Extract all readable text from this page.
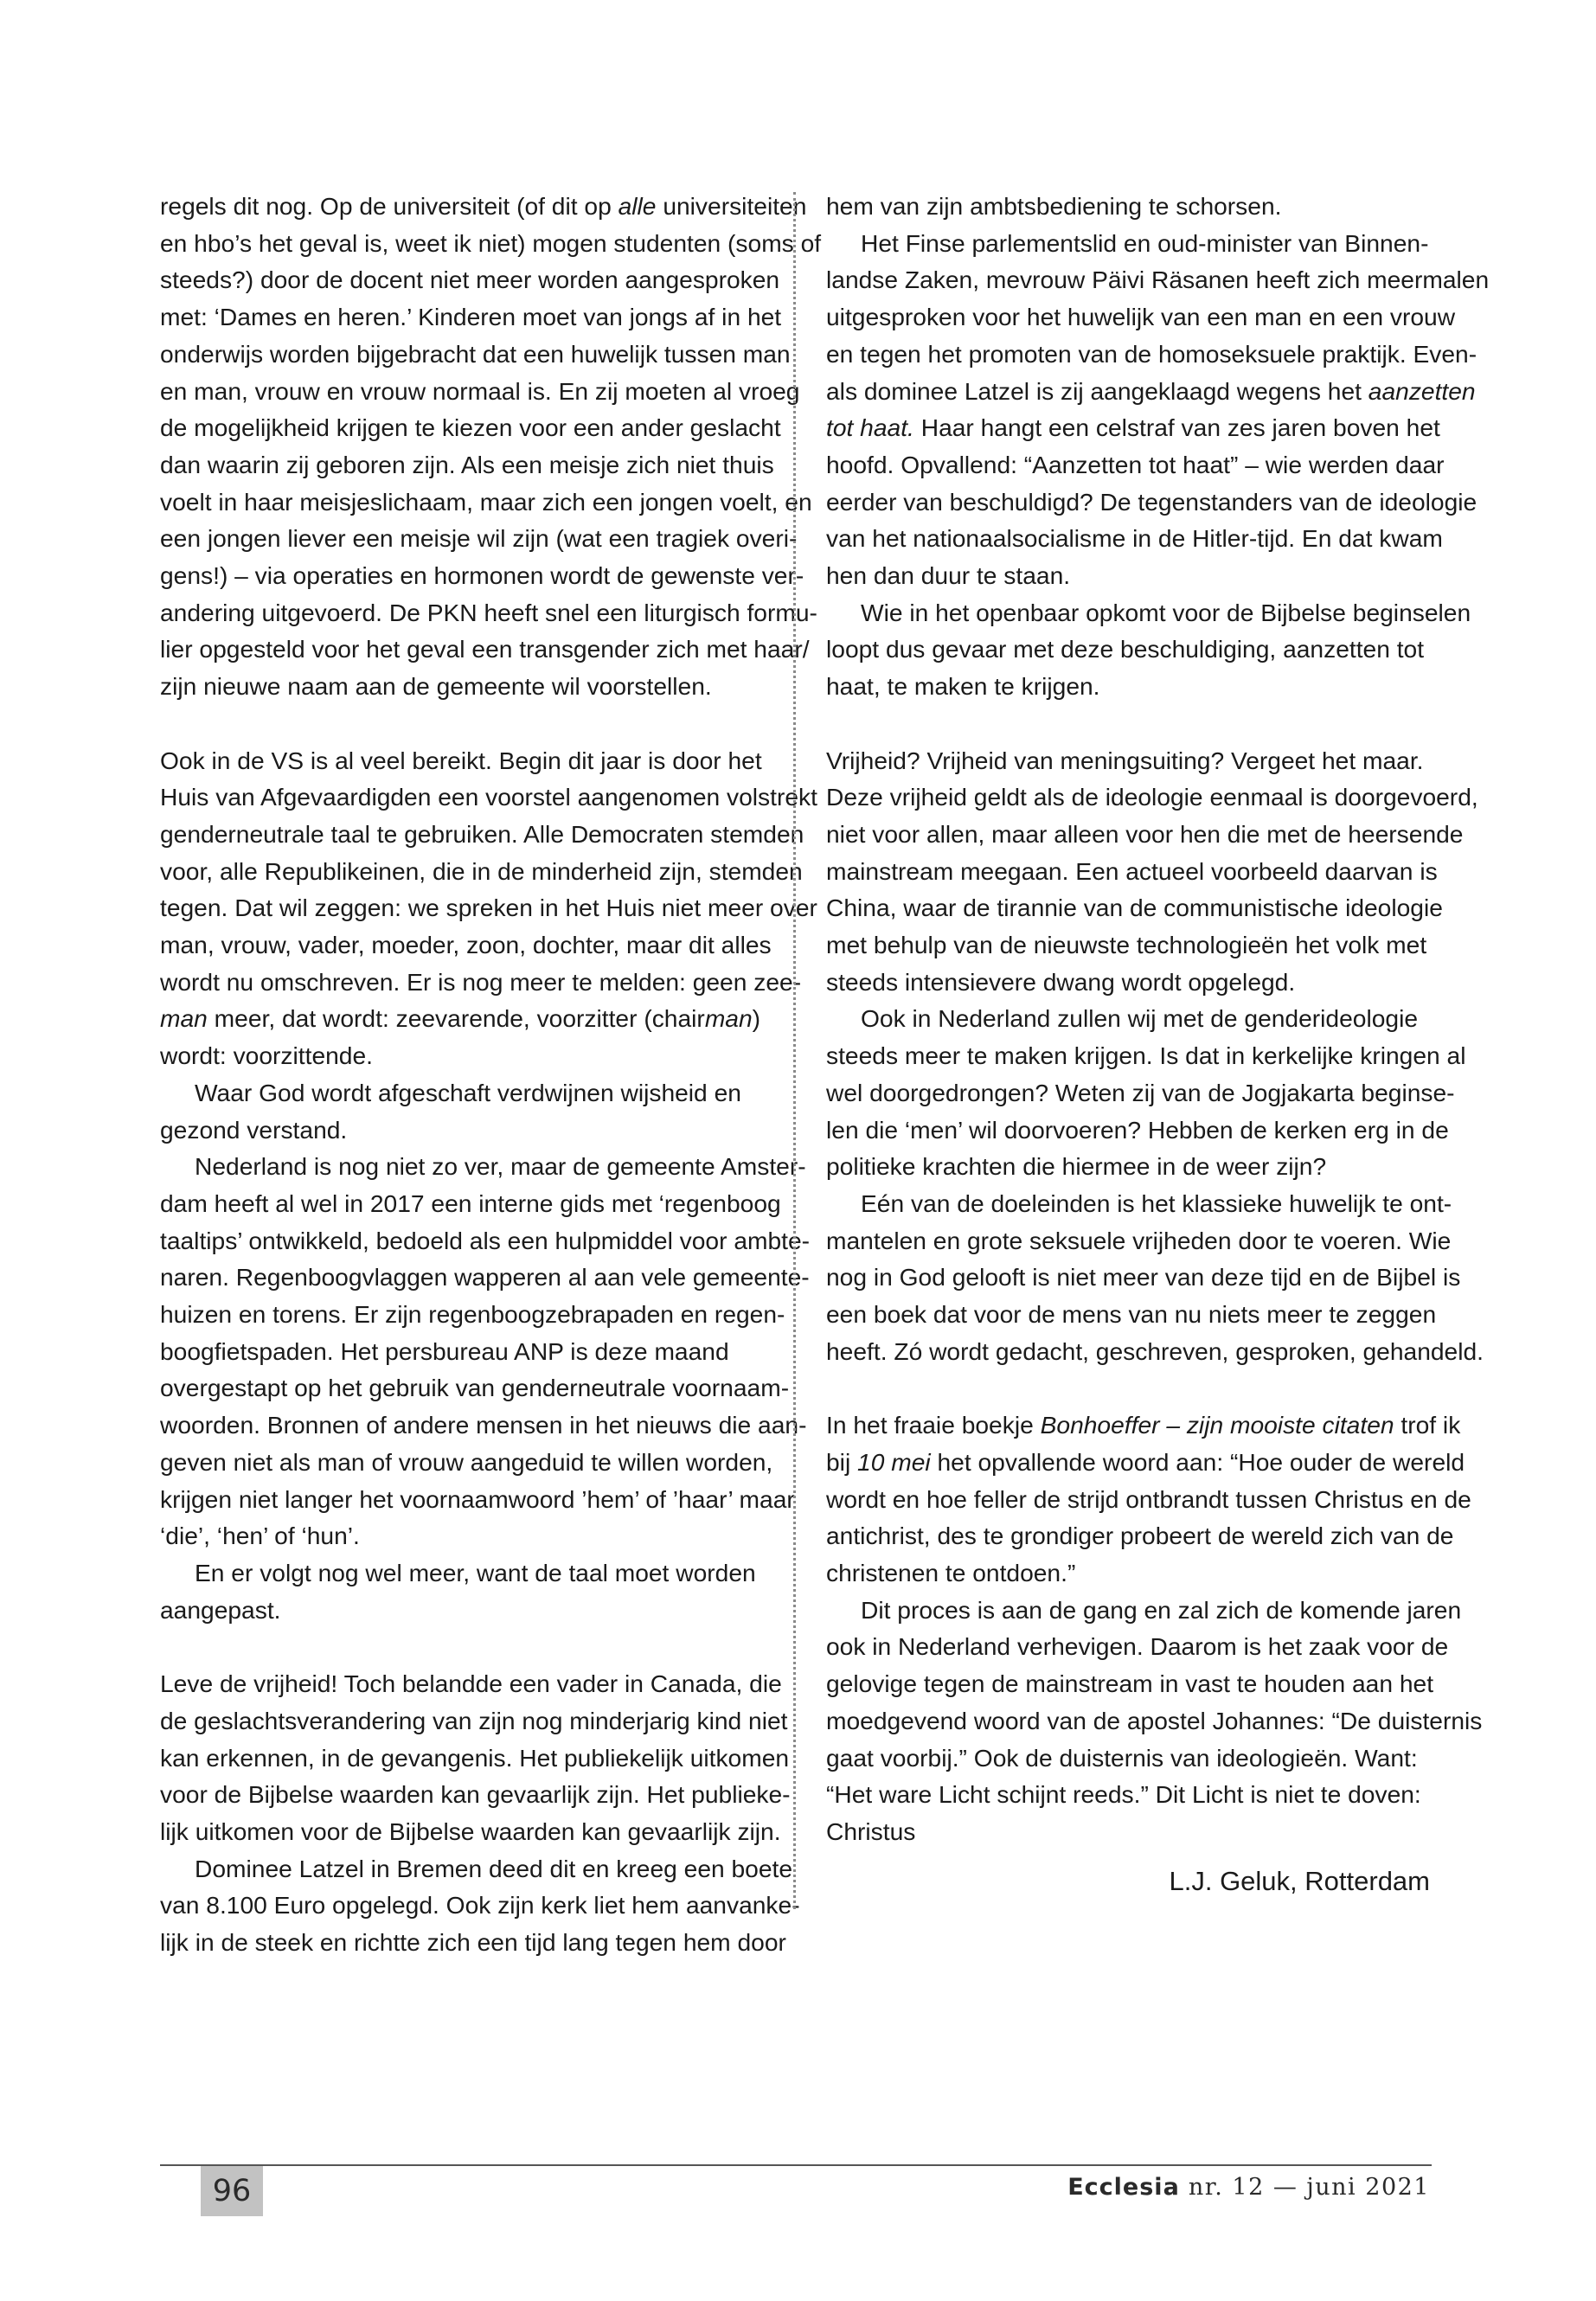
regels dit nog. Op de universiteit (of dit op alle universiteiten
en hbo’s het geval is, weet ik niet) mogen studenten (soms of
steeds?) door de docent niet meer worden aangesproken
met: ‘Dames en heren.’ Kinderen moet van jongs af in het
onderwijs worden bijgebracht dat een huwelijk tussen man
en man, vrouw en vrouw normaal is. En zij moeten al vroeg
de mogelijkheid krijgen te kiezen voor een ander geslacht
dan waarin zij geboren zijn. Als een meisje zich niet thuis
voelt in haar meisjeslichaam, maar zich een jongen voelt, en
een jongen liever een meisje wil zijn (wat een tragiek overi-
gens!) – via operaties en hormonen wordt de gewenste ver-
andering uitgevoerd. De PKN heeft snel een liturgisch formu-
lier opgesteld voor het geval een transgender zich met haar/
zijn nieuwe naam aan de gemeente wil voorstellen.
Ook in de VS is al veel bereikt. Begin dit jaar is door het
Huis van Afgevaardigden een voorstel aangenomen volstrekt
genderneutrale taal te gebruiken. Alle Democraten stemden
voor, alle Republikeinen, die in de minderheid zijn, stemden
tegen. Dat wil zeggen: we spreken in het Huis niet meer over
man, vrouw, vader, moeder, zoon, dochter, maar dit alles
wordt nu omschreven. Er is nog meer te melden: geen zee-
man meer, dat wordt: zeevarende, voorzitter (chairman)
wordt: voorzittende.
Waar God wordt afgeschaft verdwijnen wijsheid en
gezond verstand.
Nederland is nog niet zo ver, maar de gemeente Amster-
dam heeft al wel in 2017 een interne gids met ‘regenboog
taaltips’ ontwikkeld, bedoeld als een hulpmiddel voor ambte-
naren. Regenboogvlaggen wapperen al aan vele gemeente-
huizen en torens. Er zijn regenboogzebrapaden en regen-
boogfietspaden. Het persbureau ANP is deze maand
overgestapt op het gebruik van genderneutrale voornaam-
woorden. Bronnen of andere mensen in het nieuws die aan-
geven niet als man of vrouw aangeduid te willen worden,
krijgen niet langer het voornaamwoord ’hem’ of ’haar’ maar
‘die’, ‘hen’ of ‘hun’.
En er volgt nog wel meer, want de taal moet worden
aangepast.
Leve de vrijheid! Toch belandde een vader in Canada, die
de geslachtsverandering van zijn nog minderjarig kind niet
kan erkennen, in de gevangenis. Het publiekelijk uitkomen
voor de Bijbelse waarden kan gevaarlijk zijn. Het publieke-
lijk uitkomen voor de Bijbelse waarden kan gevaarlijk zijn.
Dominee Latzel in Bremen deed dit en kreeg een boete
van 8.100 Euro opgelegd. Ook zijn kerk liet hem aanvanke-
lijk in de steek en richtte zich een tijd lang tegen hem door
hem van zijn ambtsbediening te schorsen.
Het Finse parlementslid en oud-minister van Binnen-
landse Zaken, mevrouw Päivi Räsanen heeft zich meermalen
uitgesproken voor het huwelijk van een man en een vrouw
en tegen het promoten van de homoseksuele praktijk. Even-
als dominee Latzel is zij aangeklaagd wegens het aanzetten
tot haat. Haar hangt een celstraf van zes jaren boven het
hoofd. Opvallend: “Aanzetten tot haat” – wie werden daar
eerder van beschuldigd? De tegenstanders van de ideologie
van het nationaalsocialisme in de Hitler-tijd. En dat kwam
hen dan duur te staan.
Wie in het openbaar opkomt voor de Bijbelse beginselen
loopt dus gevaar met deze beschuldiging, aanzetten tot
haat, te maken te krijgen.
Vrijheid? Vrijheid van meningsuiting? Vergeet het maar.
Deze vrijheid geldt als de ideologie eenmaal is doorgevoerd,
niet voor allen, maar alleen voor hen die met de heersende
mainstream meegaan. Een actueel voorbeeld daarvan is
China, waar de tirannie van de communistische ideologie
met behulp van de nieuwste technologieën het volk met
steeds intensievere dwang wordt opgelegd.
Ook in Nederland zullen wij met de genderideologie
steeds meer te maken krijgen. Is dat in kerkelijke kringen al
wel doorgedrongen? Weten zij van de Jogjakarta beginse-
len die ‘men’ wil doorvoeren? Hebben de kerken erg in de
politieke krachten die hiermee in de weer zijn?
Eén van de doeleinden is het klassieke huwelijk te ont-
mantelen en grote seksuele vrijheden door te voeren. Wie
nog in God gelooft is niet meer van deze tijd en de Bijbel is
een boek dat voor de mens van nu niets meer te zeggen
heeft. Zó wordt gedacht, geschreven, gesproken, gehandeld.
In het fraaie boekje Bonhoeffer – zijn mooiste citaten trof ik
bij 10 mei het opvallende woord aan: “Hoe ouder de wereld
wordt en hoe feller de strijd ontbrandt tussen Christus en de
antichrist, des te grondiger probeert de wereld zich van de
christenen te ontdoen.”
Dit proces is aan de gang en zal zich de komende jaren
ook in Nederland verhevigen. Daarom is het zaak voor de
gelovige tegen de mainstream in vast te houden aan het
moedgevend woord van de apostel Johannes: “De duisternis
gaat voorbij.” Ook de duisternis van ideologieën. Want:
“Het ware Licht schijnt reeds.” Dit Licht is niet te doven:
Christus
L.J. Geluk, Rotterdam
96	Ecclesia nr. 12 — juni 2021
